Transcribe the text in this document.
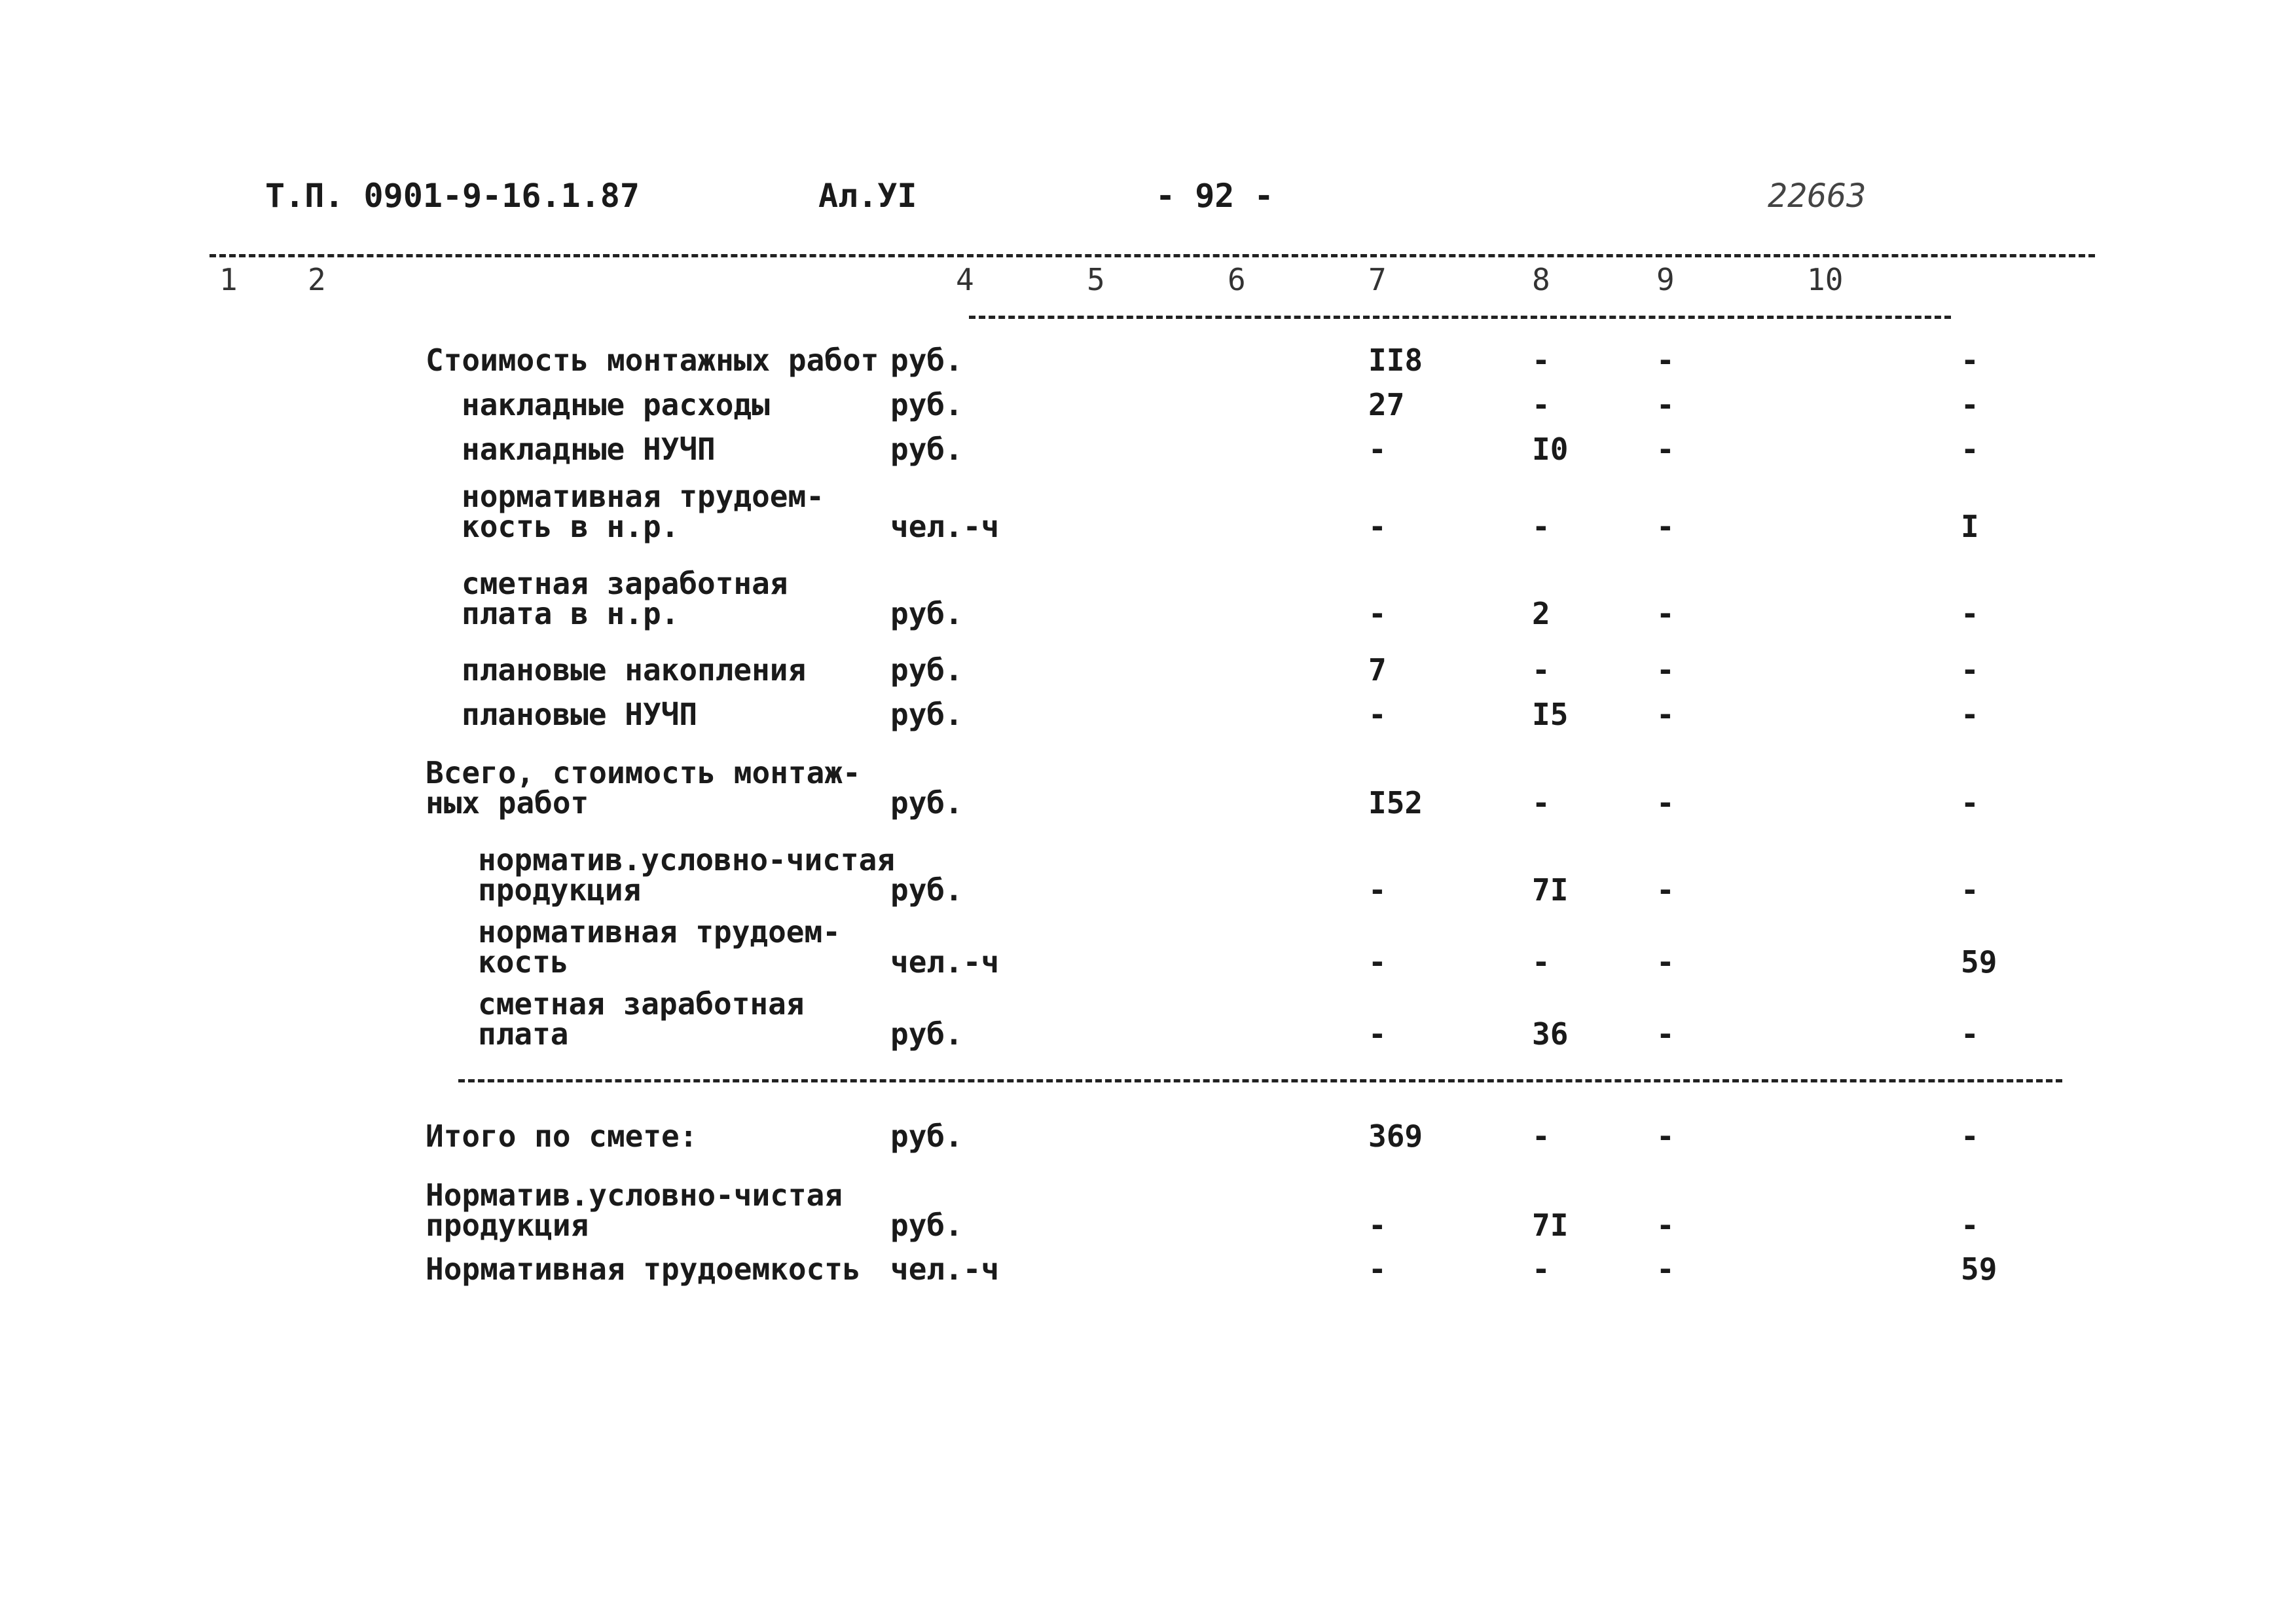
Т.П. 0901-9-16.1.87	Ал.УI	- 92 -	22663
1 2	4	5	6	7	8	9	10
Стоимость монтажных работ руб.	II8	-	-	-
накладные расходы	руб.	27	-	-	-
накладные НУЧП	руб.	-	I0	-	-
нормативная трудоем-
кость в н.р.	чел.-ч	-	-	-	I
сметная заработная
плата в н.р.	руб.	-	2	-	-
плановые накопления	руб.	7	-	-	-
плановые НУЧП	руб.	-	I5	-	-
Всего, стоимость монтаж-
ных работ	руб.	I52	-	-	-
норматив.условно-чистая
продукция	руб.	-	7I	-	-
нормативная трудоем-
кость	чел.-ч	-	-	-	59
сметная заработная
плата	руб.	-	36	-	-
Итого по смете:	руб.	369	-	-	-
Норматив.условно-чистая
продукция	руб.	-	7I	-	-
Нормативная трудоемкость чел.-ч	-	-	-	59
